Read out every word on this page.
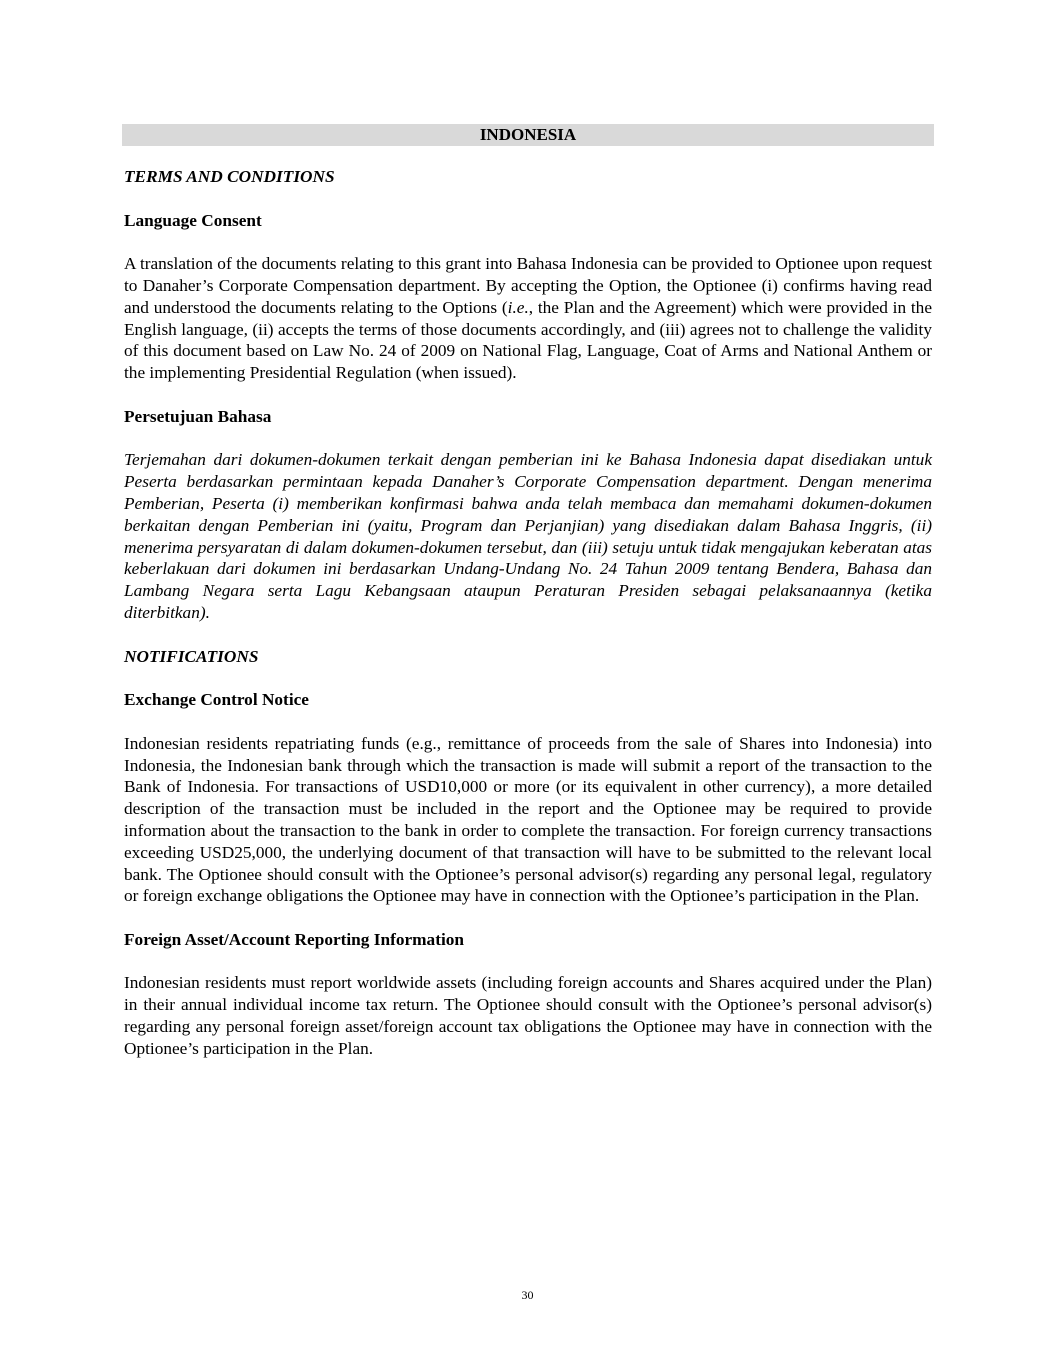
INDONESIA
TERMS AND CONDITIONS
Language Consent
A translation of the documents relating to this grant into Bahasa Indonesia can be provided to Optionee upon request to Danaher’s Corporate Compensation department. By accepting the Option, the Optionee (i) confirms having read and understood the documents relating to the Options (i.e., the Plan and the Agreement) which were provided in the English language, (ii) accepts the terms of those documents accordingly, and (iii) agrees not to challenge the validity of this document based on Law No. 24 of 2009 on National Flag, Language, Coat of Arms and National Anthem or the implementing Presidential Regulation (when issued).
Persetujuan Bahasa
Terjemahan dari dokumen-dokumen terkait dengan pemberian ini ke Bahasa Indonesia dapat disediakan untuk Peserta berdasarkan permintaan kepada Danaher’s Corporate Compensation department. Dengan menerima Pemberian, Peserta (i) memberikan konfirmasi bahwa anda telah membaca dan memahami dokumen-dokumen berkaitan dengan Pemberian ini (yaitu, Program dan Perjanjian) yang disediakan dalam Bahasa Inggris, (ii) menerima persyaratan di dalam dokumen-dokumen tersebut, dan (iii) setuju untuk tidak mengajukan keberatan atas keberlakuan dari dokumen ini berdasarkan Undang-Undang No. 24 Tahun 2009 tentang Bendera, Bahasa dan Lambang Negara serta Lagu Kebangsaan ataupun Peraturan Presiden sebagai pelaksanaannya (ketika diterbitkan).
NOTIFICATIONS
Exchange Control Notice
Indonesian residents repatriating funds (e.g., remittance of proceeds from the sale of Shares into Indonesia) into Indonesia, the Indonesian bank through which the transaction is made will submit a report of the transaction to the Bank of Indonesia. For transactions of USD10,000 or more (or its equivalent in other currency), a more detailed description of the transaction must be included in the report and the Optionee may be required to provide information about the transaction to the bank in order to complete the transaction. For foreign currency transactions exceeding USD25,000, the underlying document of that transaction will have to be submitted to the relevant local bank. The Optionee should consult with the Optionee’s personal advisor(s) regarding any personal legal, regulatory or foreign exchange obligations the Optionee may have in connection with the Optionee’s participation in the Plan.
Foreign Asset/Account Reporting Information
Indonesian residents must report worldwide assets (including foreign accounts and Shares acquired under the Plan) in their annual individual income tax return. The Optionee should consult with the Optionee’s personal advisor(s) regarding any personal foreign asset/foreign account tax obligations the Optionee may have in connection with the Optionee’s participation in the Plan.
30
